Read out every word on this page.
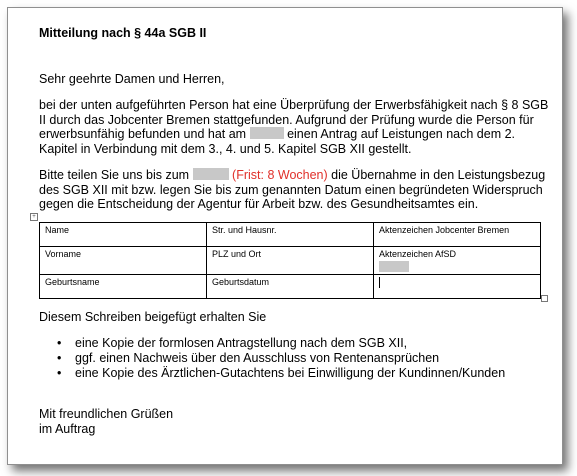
Mitteilung nach § 44a SGB II
Sehr geehrte Damen und Herren,
bei der unten aufgeführten Person hat eine Überprüfung der Erwerbsfähigkeit nach § 8 SGB II durch das Jobcenter Bremen stattgefunden. Aufgrund der Prüfung wurde die Person für erwerbsunfähig befunden und hat am	einen Antrag auf Leistungen nach dem 2. Kapitel in Verbindung mit dem 3., 4. und 5. Kapitel SGB XII gestellt.
Bitte teilen Sie uns bis zum	(Frist: 8 Wochen) die Übernahme in den Leistungsbezug des SGB XII mit bzw. legen Sie bis zum genannten Datum einen begründeten Widerspruch gegen die Entscheidung der Agentur für Arbeit bzw. des Gesundheitsamtes ein.
+
Name	Str. und Hausnr.	Aktenzeichen Jobcenter Bremen
Vorname	PLZ und Ort	Aktenzeichen AfSD

Geburtsname	Geburtsdatum	
Diesem Schreiben beigefügt erhalten Sie
• eine Kopie der formlosen Antragstellung nach dem SGB XII,
• ggf. einen Nachweis über den Ausschluss von Rentenansprüchen
• eine Kopie des Ärztlichen-Gutachtens bei Einwilligung der Kundinnen/Kunden
Mit freundlichen Grüßen
im Auftrag
